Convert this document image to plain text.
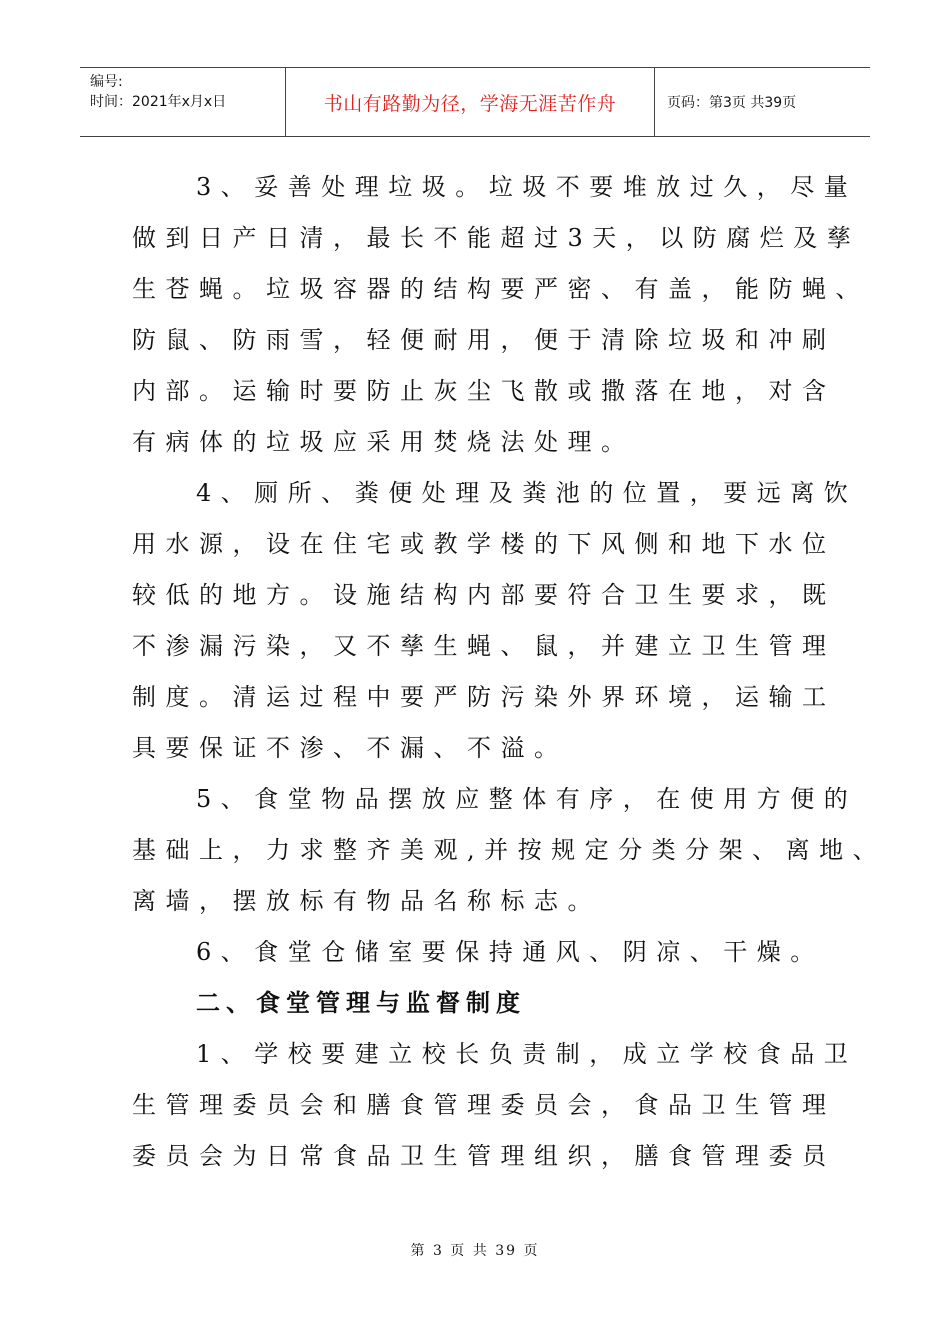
编号:
时间：2021年x月x日	书山有路勤为径，学海无涯苦作舟	页码：第3页 共39页
3、妥善处理垃圾。垃圾不要堆放过久，尽量
做到日产日清，最长不能超过3天，以防腐烂及孳
生苍蝇。垃圾容器的结构要严密、有盖，能防蝇、
防鼠、防雨雪，轻便耐用，便于清除垃圾和冲刷
内部。运输时要防止灰尘飞散或撒落在地，对含
有病体的垃圾应采用焚烧法处理。
4、厕所、粪便处理及粪池的位置，要远离饮
用水源，设在住宅或教学楼的下风侧和地下水位
较低的地方。设施结构内部要符合卫生要求，既
不渗漏污染，又不孳生蝇、鼠，并建立卫生管理
制度。清运过程中要严防污染外界环境，运输工
具要保证不渗、不漏、不溢。
5、食堂物品摆放应整体有序，在使用方便的
基础上，力求整齐美观,并按规定分类分架、离地、
离墙，摆放标有物品名称标志。
6、食堂仓储室要保持通风、阴凉、干燥。
二、食堂管理与监督制度
1、学校要建立校长负责制，成立学校食品卫
生管理委员会和膳食管理委员会，食品卫生管理
委员会为日常食品卫生管理组织，膳食管理委员
第 3 页 共 39 页
